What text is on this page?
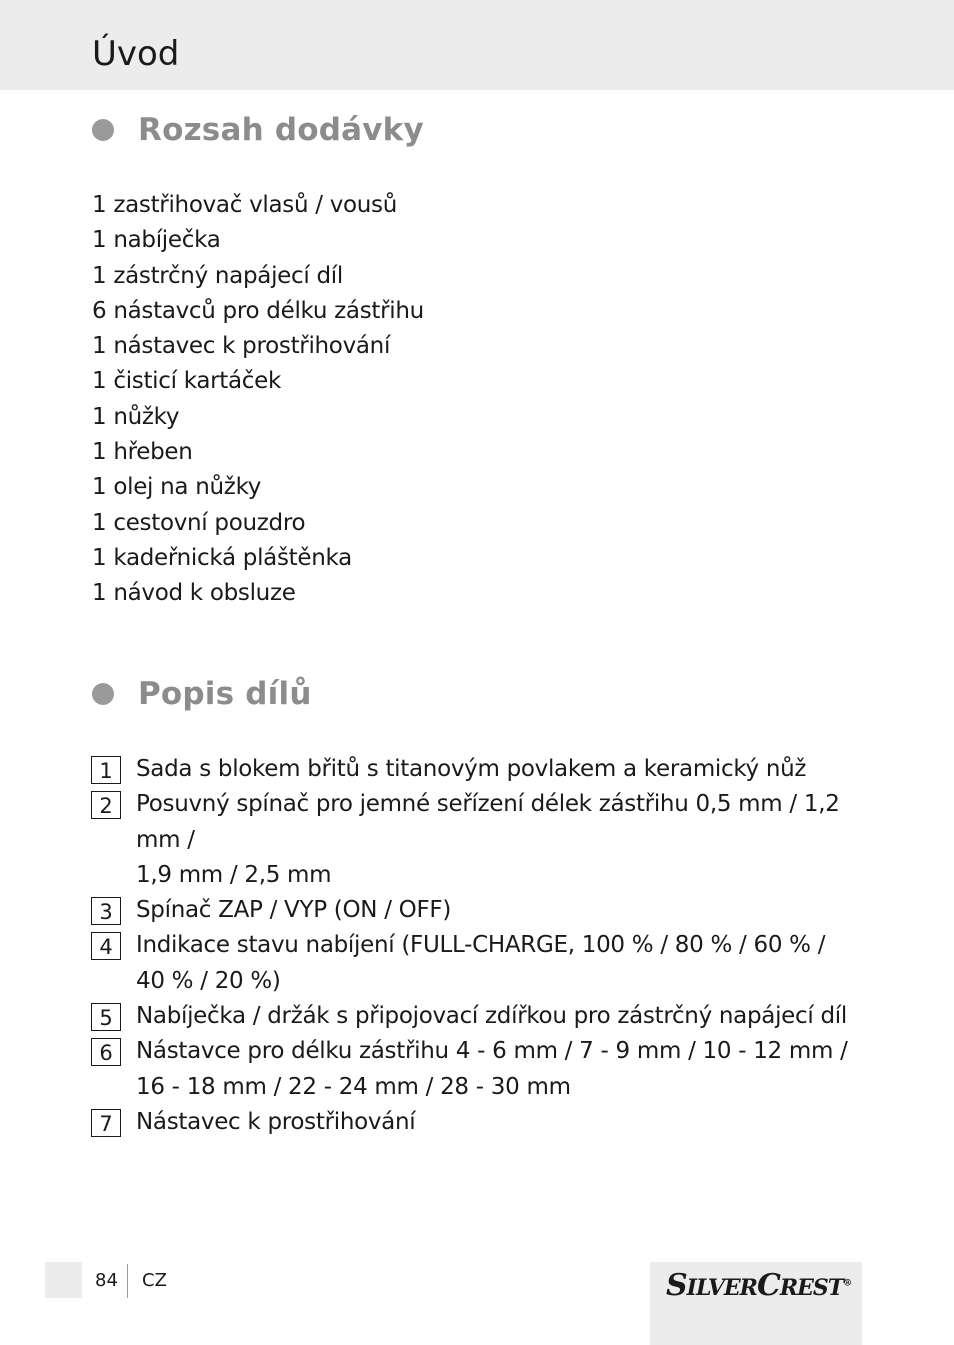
Úvod
Rozsah dodávky
1 zastřihovač vlasů / vousů
1 nabíječka
1 zástrčný napájecí díl
6 nástavců pro délku zástřihu
1 nástavec k prostřihování
1 čisticí kartáček
1 nůžky
1 hřeben
1 olej na nůžky
1 cestovní pouzdro
1 kadeřnická pláštěnka
1 návod k obsluze
Popis dílů
1	Sada s blokem břitů s titanovým povlakem a keramický nůž
2	Posuvný spínač pro jemné seřízení délek zástřihu 0,5 mm / 1,2 mm /
1,9 mm / 2,5 mm
3	Spínač ZAP / VYP (ON / OFF)
4	Indikace stavu nabíjení (FULL-CHARGE, 100 % / 80 % / 60 % /
40 % / 20 %)
5	Nabíječka / držák s připojovací zdířkou pro zástrčný napájecí díl
6	Nástavce pro délku zástřihu 4 - 6 mm / 7 - 9 mm / 10 - 12 mm /
16 - 18 mm / 22 - 24 mm / 28 - 30 mm
7	Nástavec k prostřihování
84 CZ	SILVERCREST®
